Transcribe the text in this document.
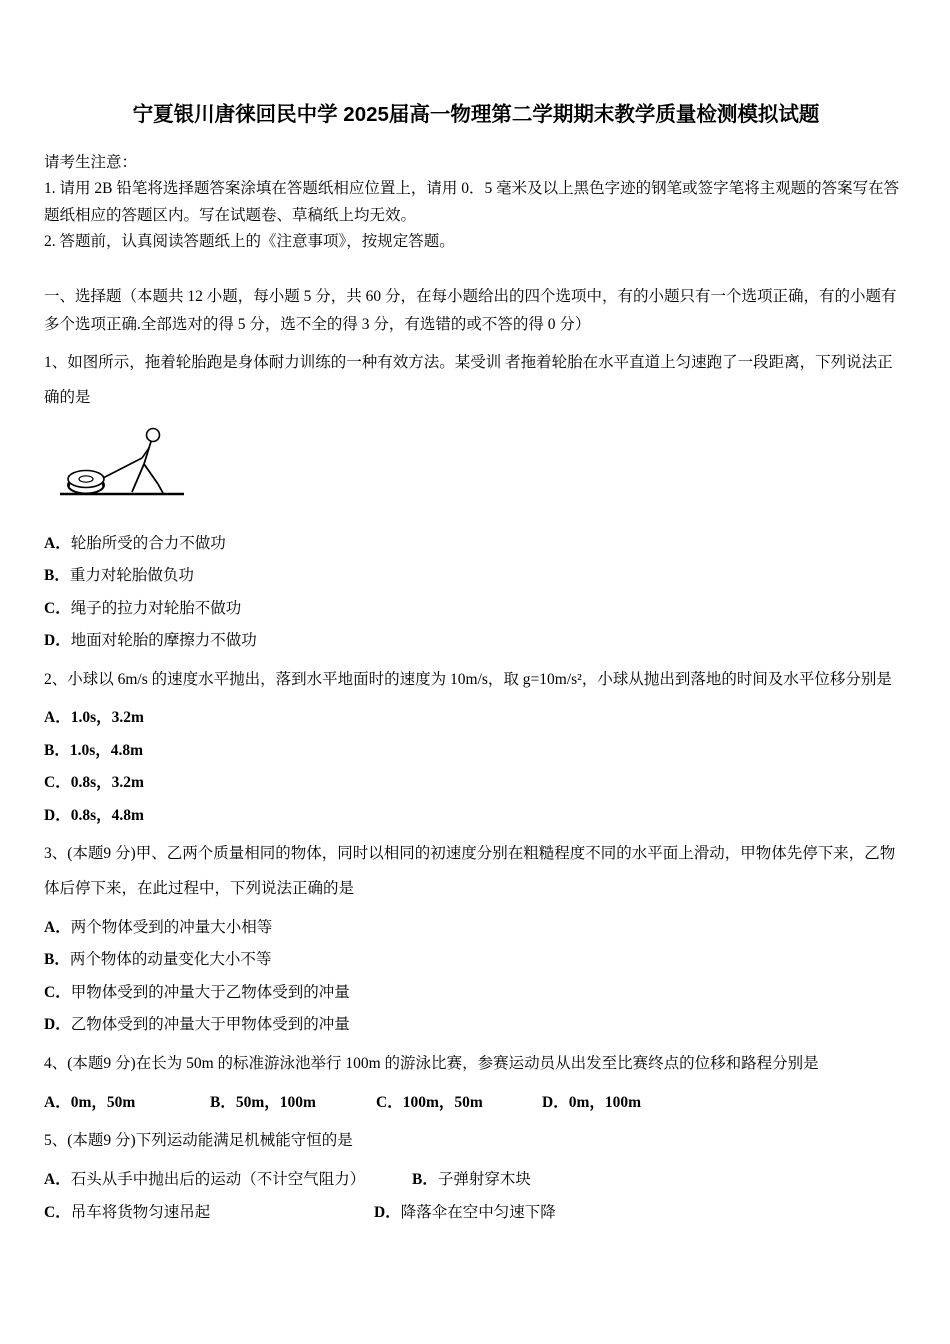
宁夏银川唐徕回民中学 2025届高一物理第二学期期末教学质量检测模拟试题

请考生注意：

1. 请用 2B 铅笔将选择题答案涂填在答题纸相应位置上，请用 0．5 毫米及以上黑色字迹的钢笔或签字笔将主观题的答案写在答题纸相应的答题区内。写在试题卷、草稿纸上均无效。

2. 答题前，认真阅读答题纸上的《注意事项》，按规定答题。

一、选择题（本题共 12 小题，每小题 5 分，共 60 分，在每小题给出的四个选项中，有的小题只有一个选项正确，有的小题有多个选项正确.全部选对的得 5 分，选不全的得 3 分，有选错的或不答的得 0 分）

1、如图所示，拖着轮胎跑是身体耐力训练的一种有效方法。某受训 者拖着轮胎在水平直道上匀速跑了一段距离，下列说法正确的是

A．轮胎所受的合力不做功

B．重力对轮胎做负功

C．绳子的拉力对轮胎不做功

D．地面对轮胎的摩擦力不做功

2、小球以 6m/s 的速度水平抛出，落到水平地面时的速度为 10m/s，取 g=10m/s²，小球从抛出到落地的时间及水平位移分别是

A．1.0s，3.2m

B．1.0s，4.8m

C．0.8s，3.2m

D．0.8s，4.8m

3、(本题9 分)甲、乙两个质量相同的物体，同时以相同的初速度分别在粗糙程度不同的水平面上滑动，甲物体先停下来，乙物体后停下来，在此过程中，下列说法正确的是

A．两个物体受到的冲量大小相等

B．两个物体的动量变化大小不等

C．甲物体受到的冲量大于乙物体受到的冲量

D．乙物体受到的冲量大于甲物体受到的冲量

4、(本题9 分)在长为 50m 的标准游泳池举行 100m 的游泳比赛，参赛运动员从出发至比赛终点的位移和路程分别是

A．0m，50m	B．50m，100m	C．100m，50m	D．0m，100m

5、(本题9 分)下列运动能满足机械能守恒的是

A．石头从手中抛出后的运动（不计空气阻力）	B．子弹射穿木块

C．吊车将货物匀速吊起	D．降落伞在空中匀速下降
